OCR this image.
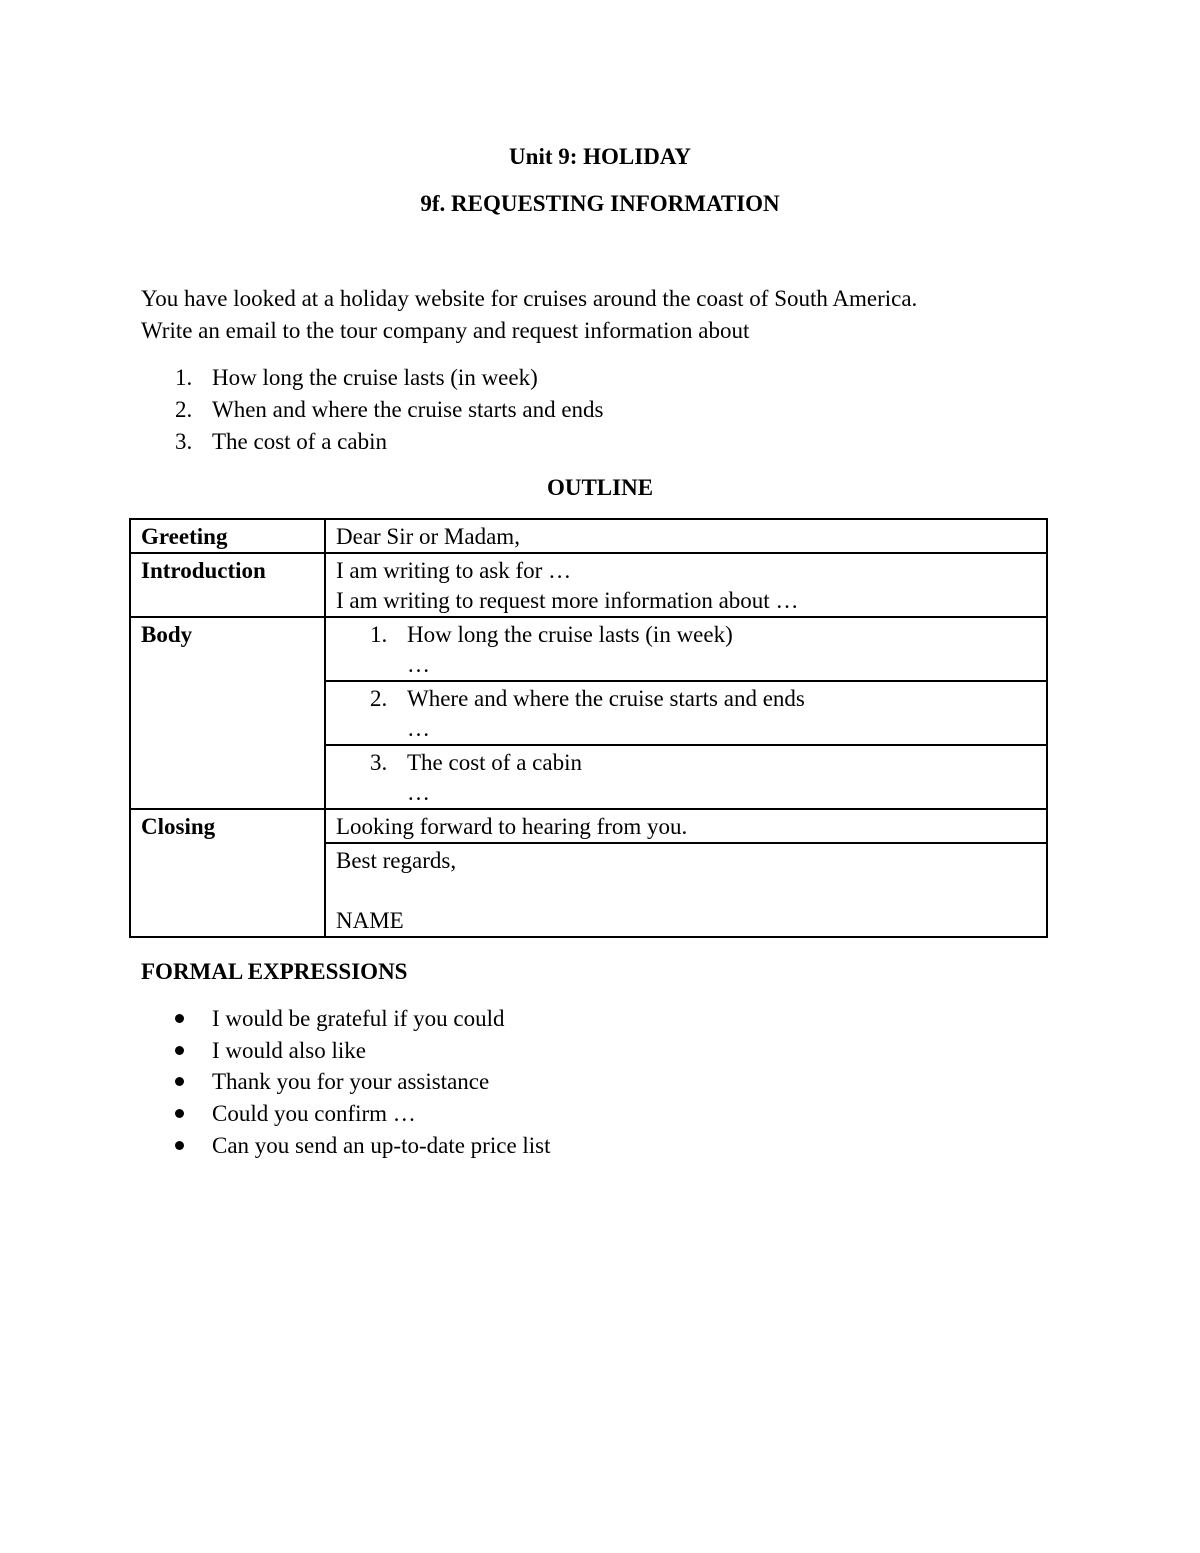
Unit 9: HOLIDAY
9f. REQUESTING INFORMATION
You have looked at a holiday website for cruises around the coast of South America.
Write an email to the tour company and request information about
1. How long the cruise lasts (in week)
2. When and where the cruise starts and ends
3. The cost of a cabin
OUTLINE
Greeting	Dear Sir or Madam,
Introduction	I am writing to ask for …
I am writing to request more information about …

Body	1. How long the cruise lasts (in week)
…

	2. Where and where the cruise starts and ends
…

	3. The cost of a cabin
…

Closing	Looking forward to hearing from you.

	Best regards,
NAME
FORMAL EXPRESSIONS
I would be grateful if you could
I would also like
Thank you for your assistance
Could you confirm …
Can you send an up-to-date price list
